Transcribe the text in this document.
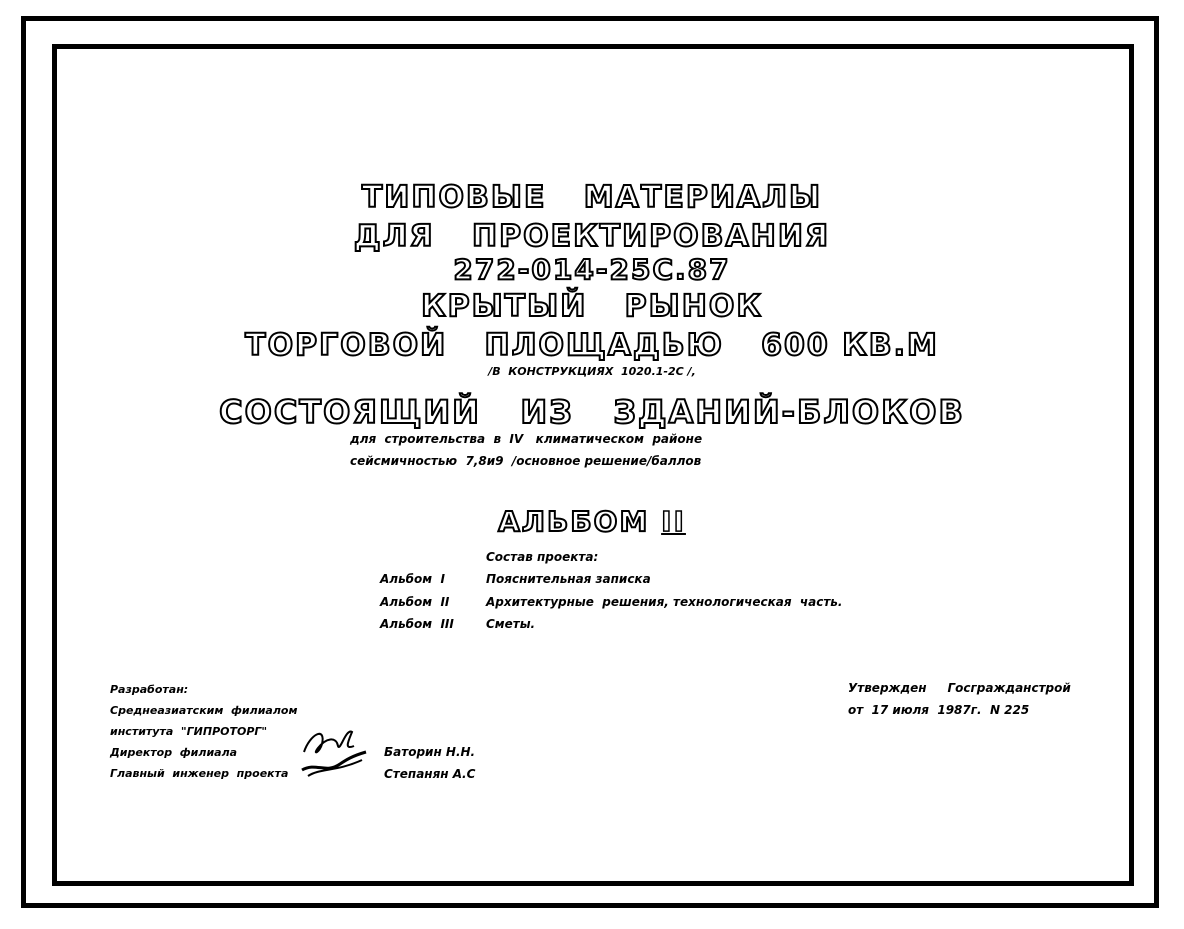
ТИПОВЫЕ   МАТЕРИАЛЫ
ДЛЯ   ПРОЕКТИРОВАНИЯ
272-014-25С.87
КРЫТЫЙ   РЫНОК
ТОРГОВОЙ   ПЛОЩАДЬЮ   600 КВ.М
/В  КОНСТРУКЦИЯХ  1020.1-2С /,
СОСТОЯЩИЙ   ИЗ   ЗДАНИЙ-БЛОКОВ
для  строительства  в  IV   климатическом  районе
сейсмичностью  7,8и9  /основное решение/баллов
АЛЬБОМ II
Состав проекта:
Альбом  I	Пояснительная записка
Альбом  II	Архитектурные  решения, технологическая  часть.
Альбом  III	Сметы.
Разработан:
Среднеазиатским  филиалом
института  "ГИПРОТОРГ"
Директор  филиала
Главный  инженер  проекта
Баторин Н.Н.
Степанян А.С
Утвержден     Госгражданстрой
от  17 июля  1987г.  N 225
